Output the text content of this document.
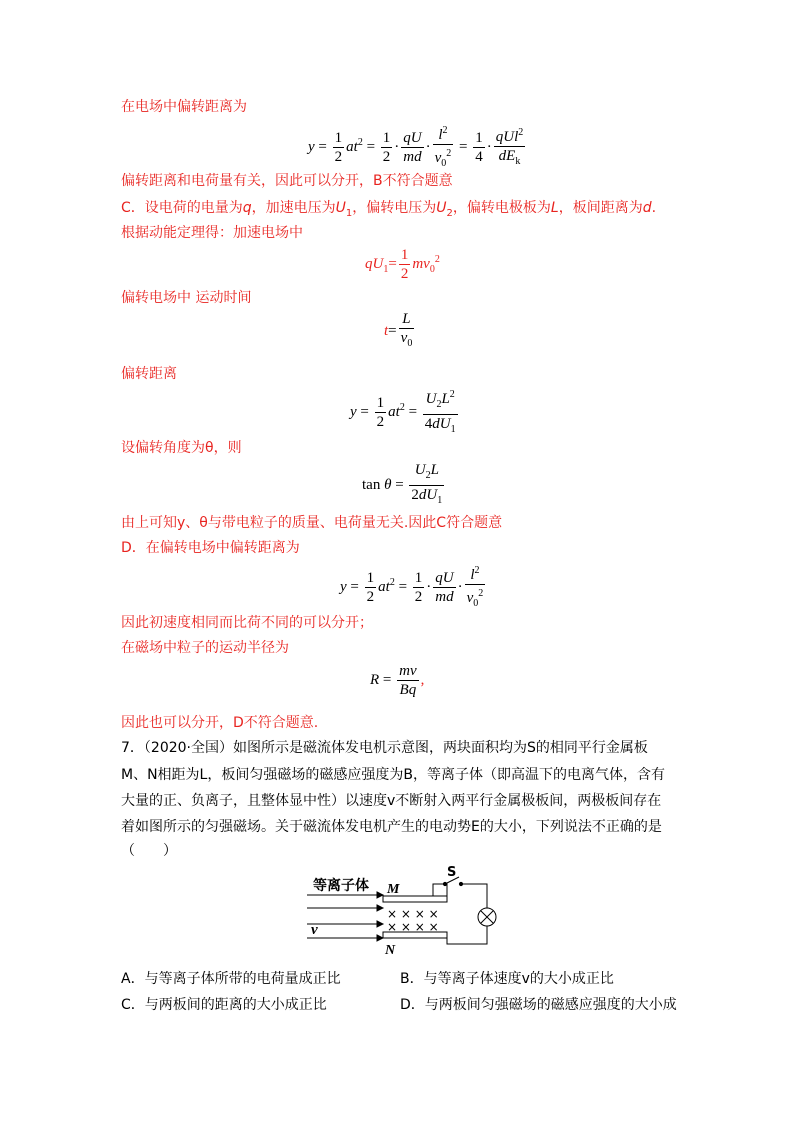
在电场中偏转距离为
$y = \frac{1}{2} at^2 = \frac{1}{2} \cdot \frac{qU}{md} \cdot \frac{l^2}{v_0^2} = \frac{1}{4} \cdot \frac{qUl^2}{dE_k}$
偏转距离和电荷量有关，因此可以分开，B不符合题意
C．设电荷的电量为q，加速电压为$U_1$，偏转电压为$U_2$，偏转电极板为L，板间距离为d.
根据动能定理得：加速电场中
$qU_1= \frac{1}{2} mv_0^2$
偏转电场中 运动时间
$t= \frac{L}{v_0}$
偏转距离
$y = \frac{1}{2} at^2 = \frac{U_2L^2}{4dU_1}$
设偏转角度为θ，则
$\tan \theta = \frac{U_2L}{2dU_1}$
由上可知y、θ与带电粒子的质量、电荷量无关.因此C符合题意
D．在偏转电场中偏转距离为
$y = \frac{1}{2} at^2 = \frac{1}{2} \cdot \frac{qU}{md} \cdot \frac{l^2}{v_0^2}$
因此初速度相同而比荷不同的可以分开；
在磁场中粒子的运动半径为
$R = \frac{mv}{Bq}$ ,
因此也可以分开，D不符合题意.
7．（2020·全国）如图所示是磁流体发电机示意图，两块面积均为S的相同平行金属板
M、N相距为L，板间匀强磁场的磁感应强度为B，等离子体（即高温下的电离气体，含有
大量的正、负离子，且整体显中性）以速度v不断射入两平行金属极板间，两极板间存在
着如图所示的匀强磁场。关于磁流体发电机产生的电动势E的大小，下列说法不正确的是
（　　）
等离子体
v
M
N
× × × ×
× × × ×
S
A．与等离子体所带的电荷量成正比	B．与等离子体速度v的大小成正比
C．与两板间的距离的大小成正比	D．与两板间匀强磁场的磁感应强度的大小成
